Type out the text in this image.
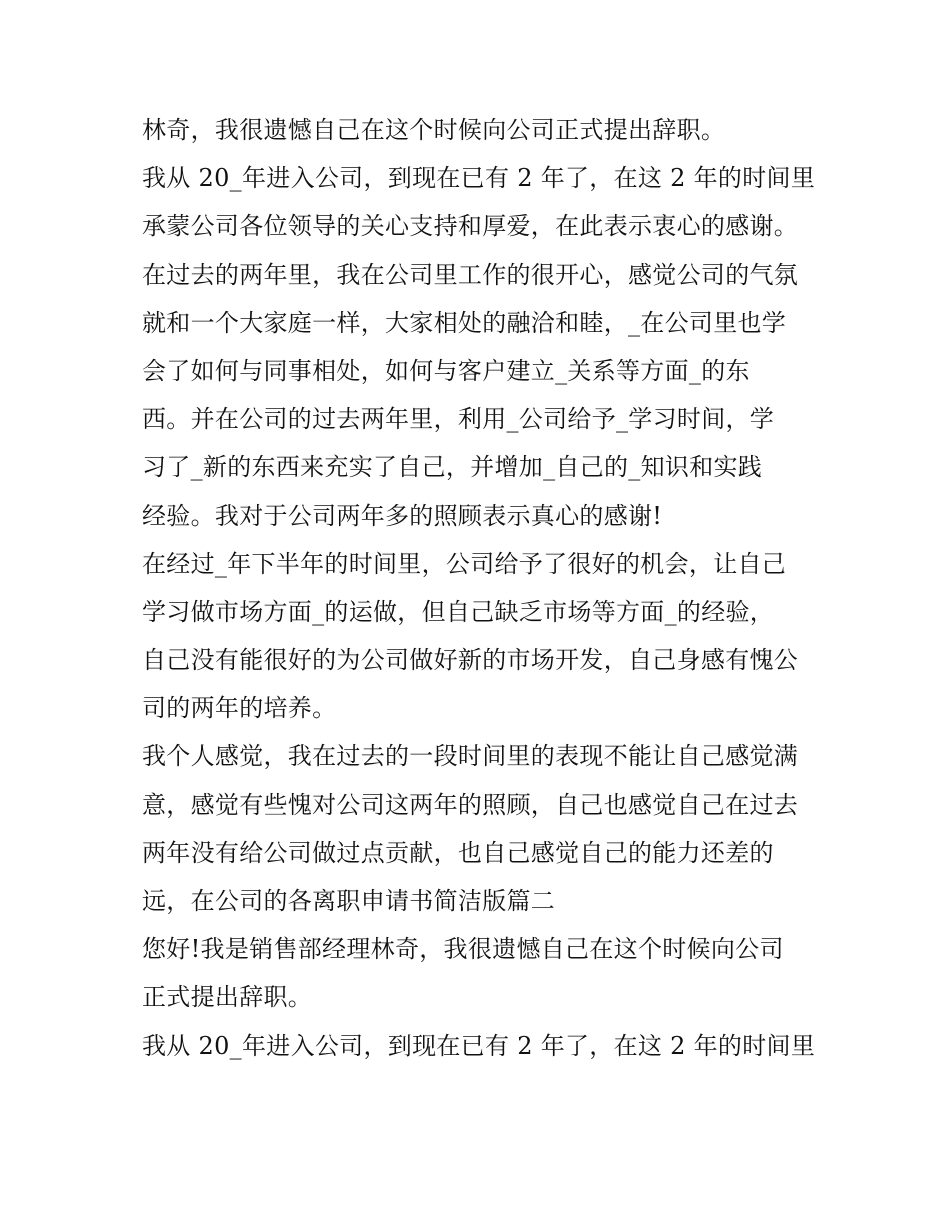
林奇，我很遗憾自己在这个时候向公司正式提出辞职。
我从 20_年进入公司，到现在已有 2 年了，在这 2 年的时间里
承蒙公司各位领导的关心支持和厚爱，在此表示衷心的感谢。
在过去的两年里，我在公司里工作的很开心，感觉公司的气氛
就和一个大家庭一样，大家相处的融洽和睦，_在公司里也学
会了如何与同事相处，如何与客户建立_关系等方面_的东
西。并在公司的过去两年里，利用_公司给予_学习时间，学
习了_新的东西来充实了自己，并增加_自己的_知识和实践
经验。我对于公司两年多的照顾表示真心的感谢!
在经过_年下半年的时间里，公司给予了很好的机会，让自己
学习做市场方面_的运做，但自己缺乏市场等方面_的经验，
自己没有能很好的为公司做好新的市场开发，自己身感有愧公
司的两年的培养。
我个人感觉，我在过去的一段时间里的表现不能让自己感觉满
意，感觉有些愧对公司这两年的照顾，自己也感觉自己在过去
两年没有给公司做过点贡献，也自己感觉自己的能力还差的
远，在公司的各离职申请书简洁版篇二
您好!我是销售部经理林奇，我很遗憾自己在这个时候向公司
正式提出辞职。
我从 20_年进入公司，到现在已有 2 年了，在这 2 年的时间里
